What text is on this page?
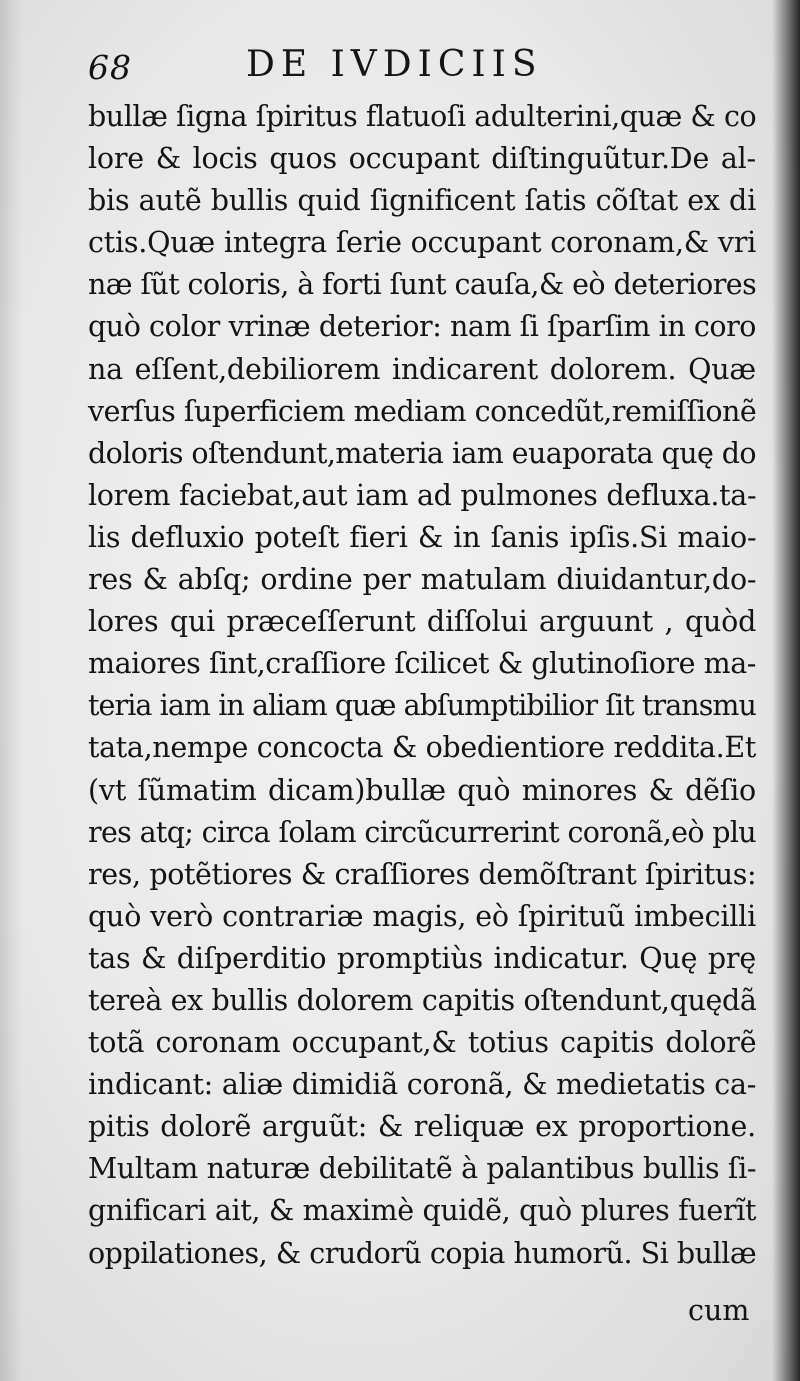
68	DE IVDICIIS
bullæ ſigna ſpiritus flatuoſi adulterini,quæ & co
lore & locis quos occupant diſtinguũtur.De al-
bis autẽ bullis quid ſignificent ſatis cõſtat ex di
ctis.Quæ integra ſerie occupant coronam,& vri
næ ſũt coloris, à forti ſunt cauſa,& eò deteriores
quò color vrinæ deterior: nam ſi ſparſim in coro
na eſſent,debiliorem indicarent dolorem. Quæ
verſus ſuperficiem mediam concedũt,remiſſionẽ
doloris oſtendunt,materia iam euaporata quę do
lorem faciebat,aut iam ad pulmones defluxa.ta-
lis defluxio poteſt fieri & in ſanis ipſis.Si maio-
res & abſq; ordine per matulam diuidantur,do-
lores qui præceſſerunt diſſolui arguunt , quòd
maiores ſint,craſſiore ſcilicet & glutinoſiore ma-
teria iam in aliam quæ abſumptibilior ſit transmu
tata,nempe concocta & obedientiore reddita.Et
(vt ſũmatim dicam)bullæ quò minores & dẽſio
res atq; circa ſolam circũcurrerint coronã,eò plu
res, potẽtiores & craſſiores demõſtrant ſpiritus:
quò verò contrariæ magis, eò ſpirituũ imbecilli
tas & diſperditio promptiùs indicatur. Quę prę
tereà ex bullis dolorem capitis oſtendunt,quędã
totã coronam occupant,& totius capitis dolorẽ
indicant: aliæ dimidiã coronã, & medietatis ca-
pitis dolorẽ arguũt: & reliquæ ex proportione.
Multam naturæ debilitatẽ à palantibus bullis ſi-
gnificari ait, & maximè quidẽ, quò plures fuerĩt
oppilationes, & crudorũ copia humorũ. Si bullæ
cum
